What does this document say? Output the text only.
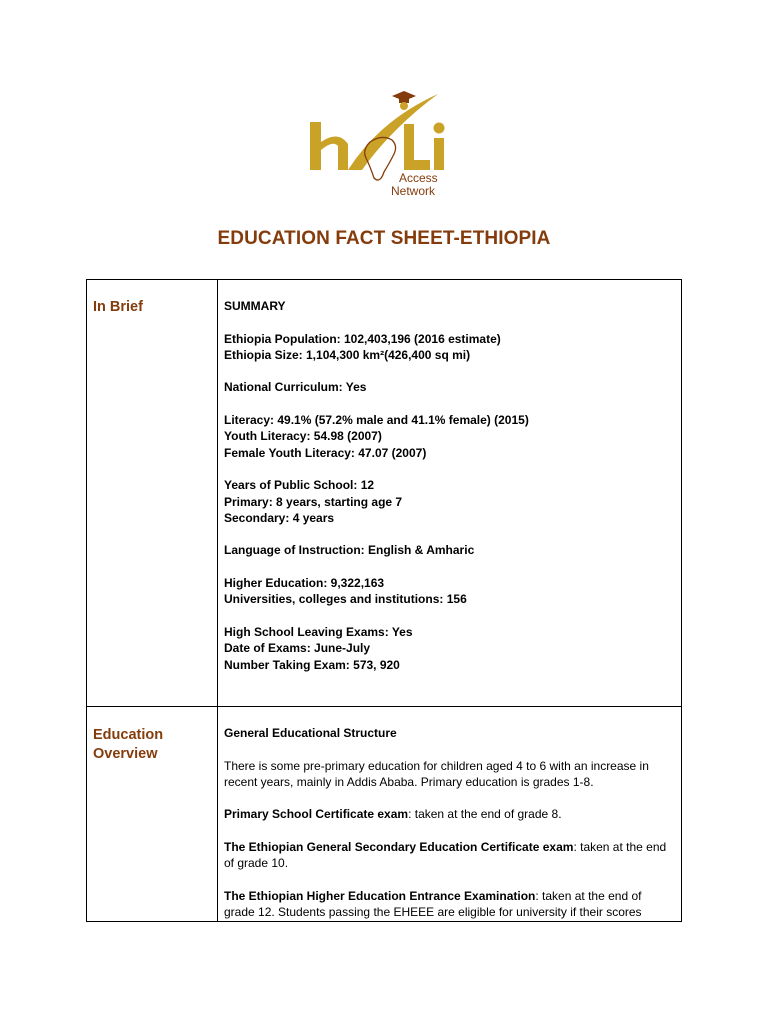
Access
Network
EDUCATION FACT SHEET-ETHIOPIA
In Brief	SUMMARY
Ethiopia Population: 102,403,196 (2016 estimate)
Ethiopia Size: 1,104,300 km²(426,400 sq mi)
National Curriculum: Yes
Literacy: 49.1% (57.2% male and 41.1% female) (2015)
Youth Literacy: 54.98 (2007)
Female Youth Literacy: 47.07 (2007)
Years of Public School: 12
Primary: 8 years, starting age 7
Secondary: 4 years
Language of Instruction: English & Amharic
Higher Education: 9,322,163
Universities, colleges and institutions: 156
High School Leaving Exams: Yes
Date of Exams: June-July
Number Taking Exam: 573, 920
Education Overview
General Educational Structure
There is some pre-primary education for children aged 4 to 6 with an increase in recent years, mainly in Addis Ababa. Primary education is grades 1-8.
Primary School Certificate exam: taken at the end of grade 8.
The Ethiopian General Secondary Education Certificate exam: taken at the end of grade 10.
The Ethiopian Higher Education Entrance Examination: taken at the end of grade 12. Students passing the EHEEE are eligible for university if their scores
